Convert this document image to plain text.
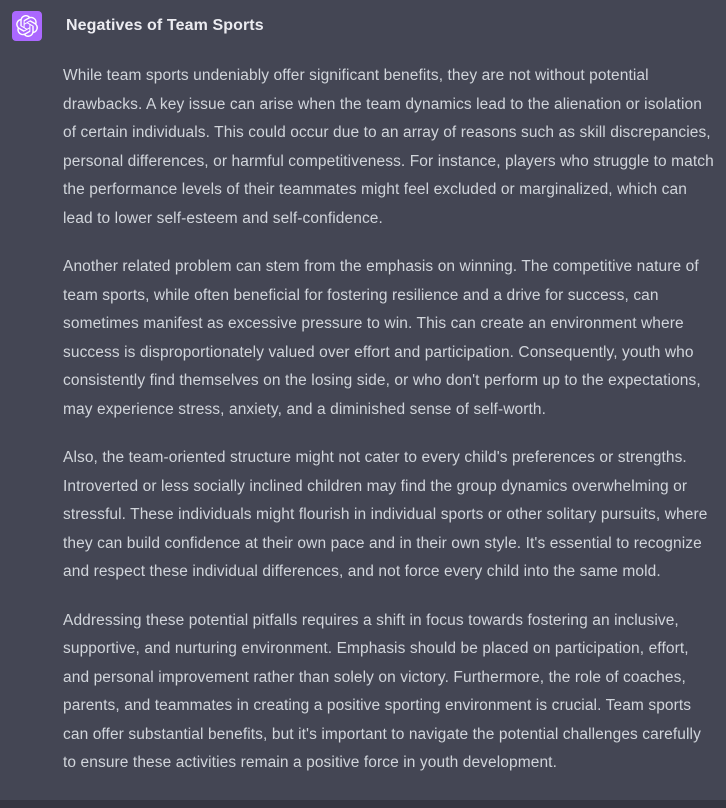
Negatives of Team Sports

While team sports undeniably offer significant benefits, they are not without potential drawbacks. A key issue can arise when the team dynamics lead to the alienation or isolation of certain individuals. This could occur due to an array of reasons such as skill discrepancies, personal differences, or harmful competitiveness. For instance, players who struggle to match the performance levels of their teammates might feel excluded or marginalized, which can lead to lower self-esteem and self-confidence.

Another related problem can stem from the emphasis on winning. The competitive nature of team sports, while often beneficial for fostering resilience and a drive for success, can sometimes manifest as excessive pressure to win. This can create an environment where success is disproportionately valued over effort and participation. Consequently, youth who consistently find themselves on the losing side, or who don't perform up to the expectations, may experience stress, anxiety, and a diminished sense of self-worth.

Also, the team-oriented structure might not cater to every child's preferences or strengths. Introverted or less socially inclined children may find the group dynamics overwhelming or stressful. These individuals might flourish in individual sports or other solitary pursuits, where they can build confidence at their own pace and in their own style. It's essential to recognize and respect these individual differences, and not force every child into the same mold.

Addressing these potential pitfalls requires a shift in focus towards fostering an inclusive, supportive, and nurturing environment. Emphasis should be placed on participation, effort, and personal improvement rather than solely on victory. Furthermore, the role of coaches, parents, and teammates in creating a positive sporting environment is crucial. Team sports can offer substantial benefits, but it's important to navigate the potential challenges carefully to ensure these activities remain a positive force in youth development.
